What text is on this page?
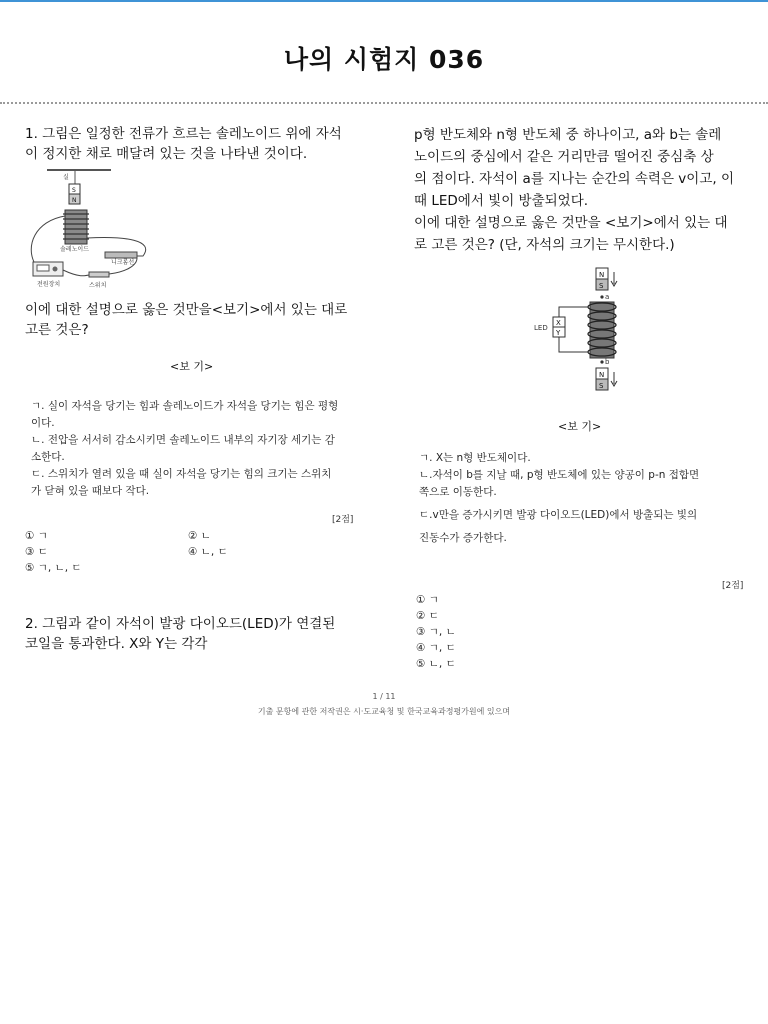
나의 시험지 036

1. 그림은 일정한 전류가 흐르는 솔레노이드 위에 자석

이 정지한 채로 매달려 있는 것을 나타낸 것이다.

실
S
N
솔레노이드
니크롬선
전원장치	스위치

이에 대한 설명으로 옳은 것만을<보기>에서 있는 대로

고른 것은?

<보 기>
ㄱ. 실이 자석을 당기는 힘과 솔레노이드가 자석을 당기는 힘은 평형
이다.
ㄴ. 전압을 서서히 감소시키면 솔레노이드 내부의 자기장 세기는 감
소한다.
ㄷ. 스위치가 열려 있을 때 실이 자석을 당기는 힘의 크기는 스위치
가 닫혀 있을 때보다 작다.
[2점]
① ㄱ	② ㄴ
③ ㄷ	④ ㄴ, ㄷ
⑤ ㄱ, ㄴ, ㄷ

2. 그림과 같이 자석이 발광 다이오드(LED)가 연결된

코일을 통과한다. X와 Y는 각각

p형 반도체와 n형 반도체 중 하나이고, a와 b는 솔레

노이드의 중심에서 같은 거리만큼 떨어진 중심축 상

의 점이다. 자석이 a를 지나는 순간의 속력은 v이고, 이

때 LED에서 빛이 방출되었다.

이에 대한 설명으로 옳은 것만을 <보기>에서 있는 대

로 고른 것은? (단, 자석의 크기는 무시한다.)

N
S
a
X
Y
LED
b
N
S
<보 기>
ㄱ. X는 n형 반도체이다.
ㄴ.자석이 b를 지날 때, p형 반도체에 있는 양공이 p-n 접합면
쪽으로 이동한다.
ㄷ.v만을 증가시키면 발광 다이오드(LED)에서 방출되는 빛의
진동수가 증가한다.
[2점]
① ㄱ
② ㄷ
③ ㄱ, ㄴ
④ ㄱ, ㄷ
⑤ ㄴ, ㄷ
1 / 11
기출 문항에 관한 저작권은 시·도교육청 및 한국교육과정평가원에 있으며
